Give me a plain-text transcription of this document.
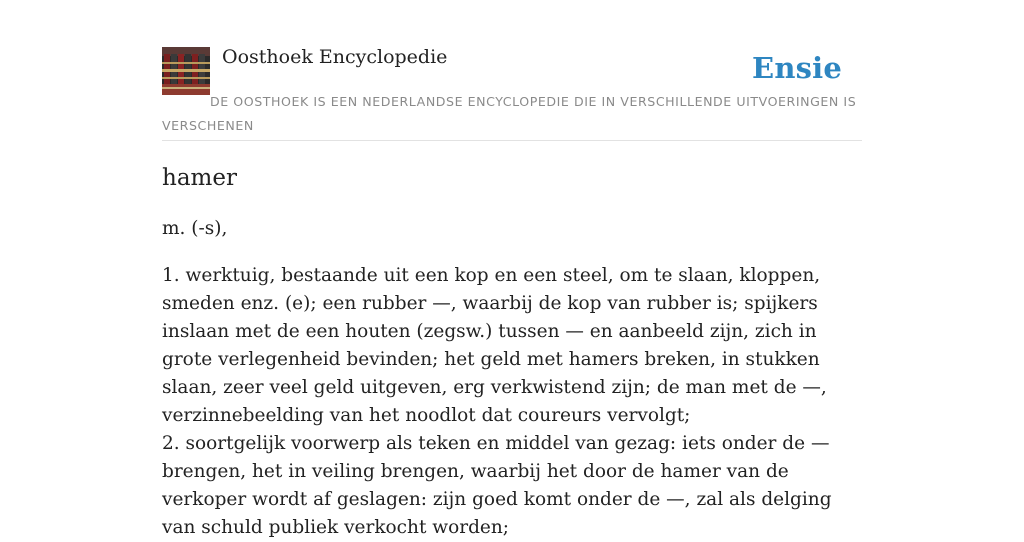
Oosthoek Encyclopedie	Ensie

DE OOSTHOEK IS EEN NEDERLANDSE ENCYCLOPEDIE DIE IN VERSCHILLENDE UITVOERINGEN IS VERSCHENEN

hamer

m. (-s),

1. werktuig, bestaande uit een kop en een steel, om te slaan, kloppen, smeden enz. (e); een rubber —, waarbij de kop van rubber is; spijkers inslaan met de een houten (zegsw.) tussen — en aanbeeld zijn, zich in grote verlegenheid bevinden; het geld met hamers breken, in stukken slaan, zeer veel geld uitgeven, erg verkwistend zijn; de man met de —, verzinnebeelding van het noodlot dat coureurs vervolgt;

2. soortgelijk voorwerp als teken en middel van gezag: iets onder de — brengen, het in veiling brengen, waarbij het door de hamer van de verkoper wordt af geslagen: zijn goed komt onder de —, zal als delging van schuld publiek verkocht worden;
